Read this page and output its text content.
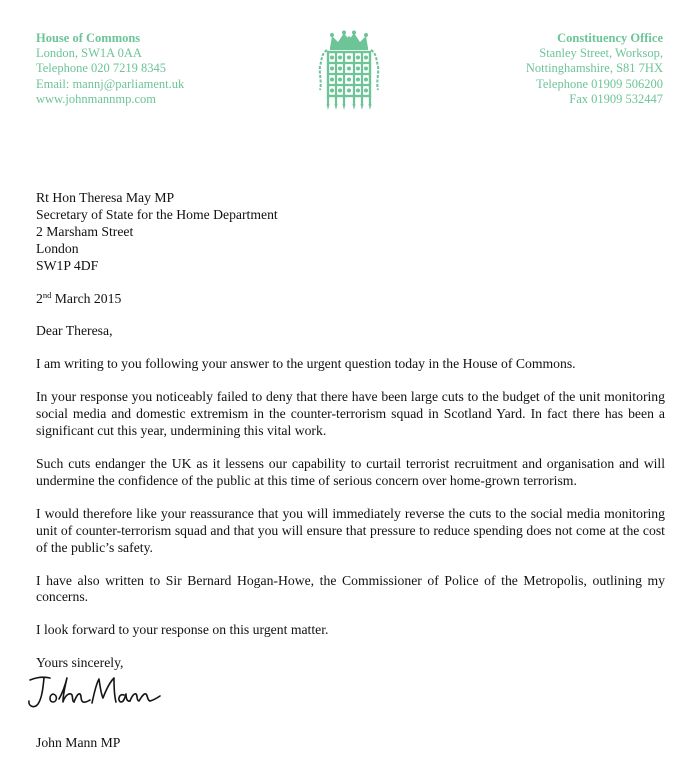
House of Commons
London, SW1A 0AA
Telephone 020 7219 8345
Email: mannj@parliament.uk
www.johnmannmp.com
Constituency Office
Stanley Street, Worksop,
Nottinghamshire, S81 7HX
Telephone 01909 506200
Fax 01909 532447
Rt Hon Theresa May MP
Secretary of State for the Home Department
2 Marsham Street
London
SW1P 4DF
2nd March 2015
Dear Theresa,
I am writing to you following your answer to the urgent question today in the House of Commons.
In your response you noticeably failed to deny that there have been large cuts to the budget of the unit monitoring social media and domestic extremism in the counter-terrorism squad in Scotland Yard. In fact there has been a significant cut this year, undermining this vital work.
Such cuts endanger the UK as it lessens our capability to curtail terrorist recruitment and organisation and will undermine the confidence of the public at this time of serious concern over home-grown terrorism.
I would therefore like your reassurance that you will immediately reverse the cuts to the social media monitoring unit of counter-terrorism squad and that you will ensure that pressure to reduce spending does not come at the cost of the public’s safety.
I have also written to Sir Bernard Hogan-Howe, the Commissioner of Police of the Metropolis, outlining my concerns.
I look forward to your response on this urgent matter.
Yours sincerely,
John Mann MP
